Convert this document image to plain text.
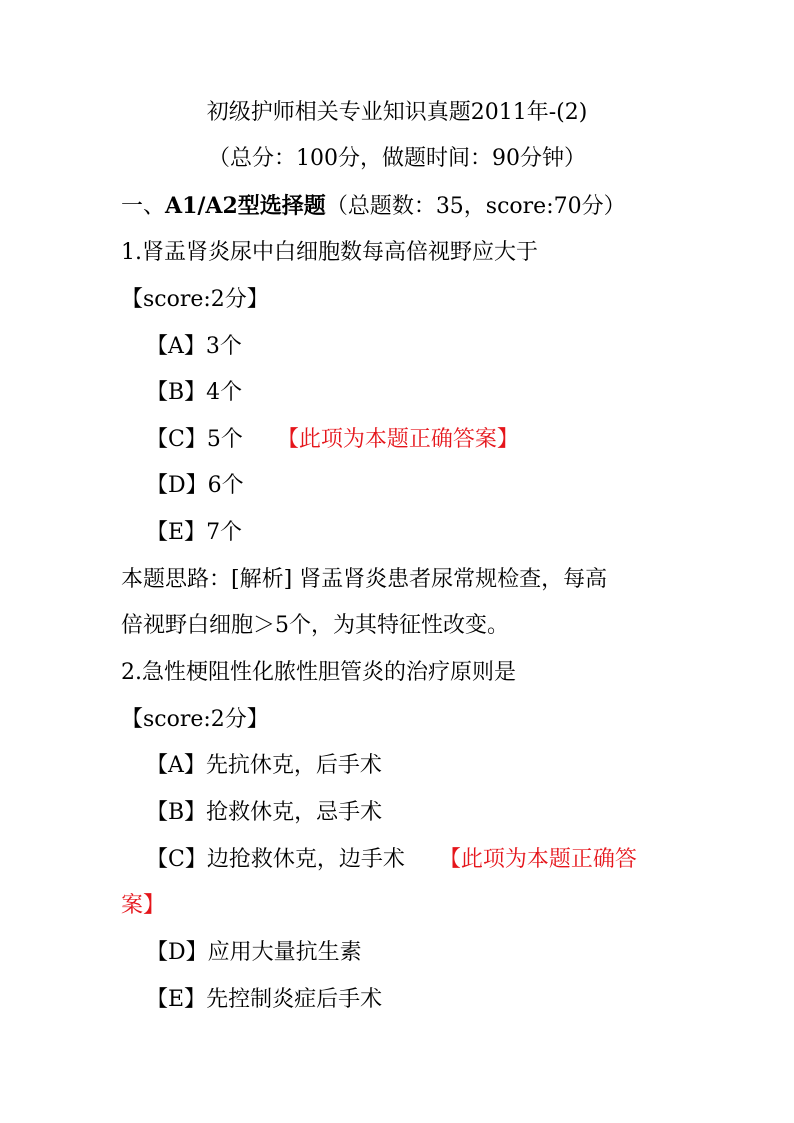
初级护师相关专业知识真题2011年-(2)
（总分：100分，做题时间：90分钟）
一、A1/A2型选择题（总题数：35，score:70分）
1.肾盂肾炎尿中白细胞数每高倍视野应大于
【score:2分】
【A】3个
【B】4个
【C】5个 【此项为本题正确答案】
【D】6个
【E】7个
本题思路：[解析] 肾盂肾炎患者尿常规检查，每高
倍视野白细胞＞5个，为其特征性改变。
2.急性梗阻性化脓性胆管炎的治疗原则是
【score:2分】
【A】先抗休克，后手术
【B】抢救休克，忌手术
【C】边抢救休克，边手术 【此项为本题正确答
案】
【D】应用大量抗生素
【E】先控制炎症后手术
